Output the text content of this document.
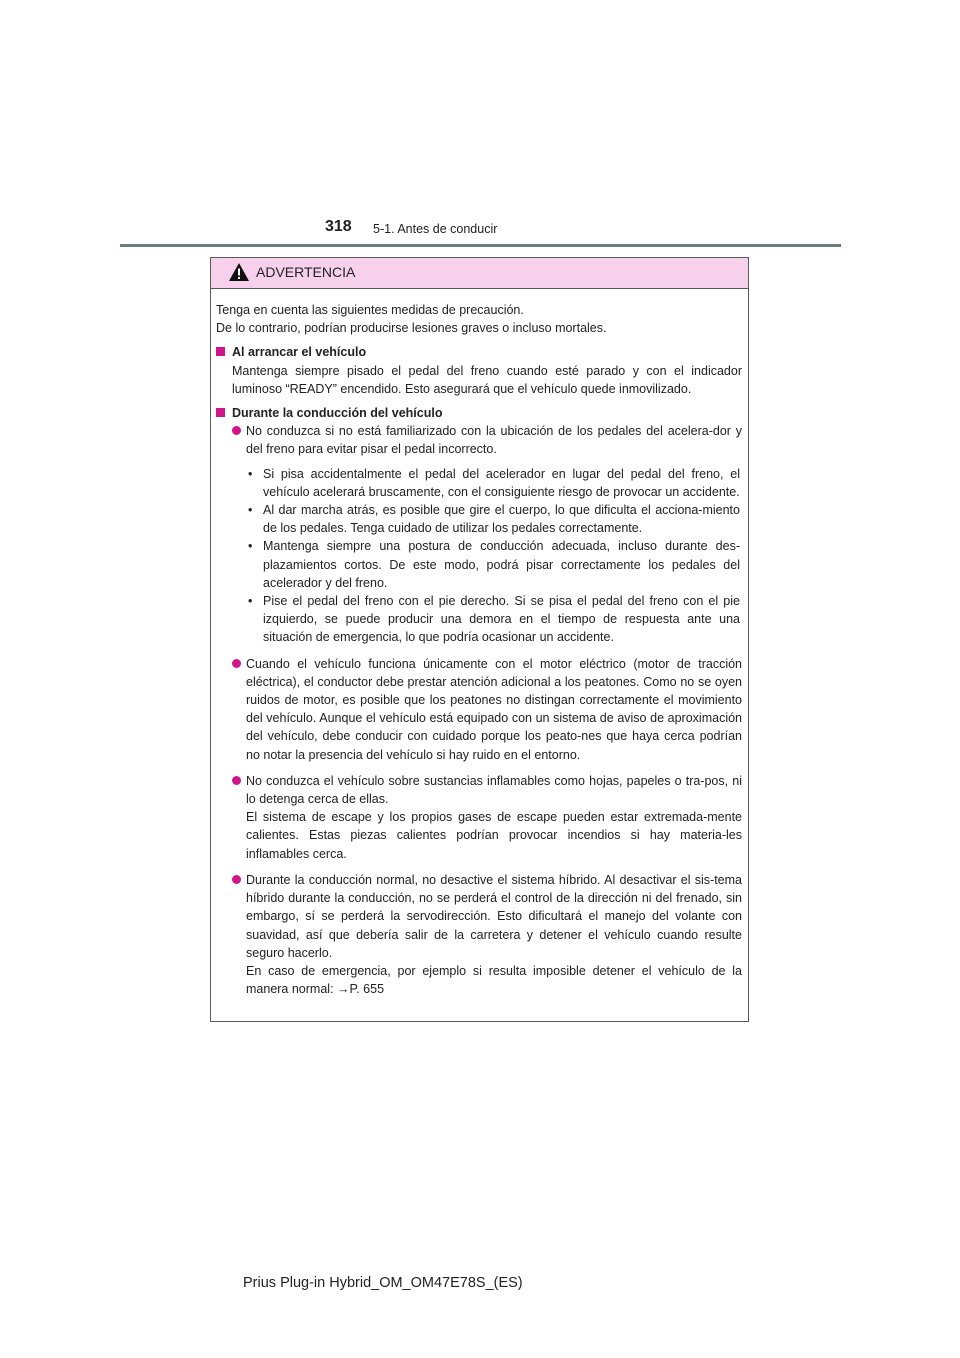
318 5-1. Antes de conducir
ADVERTENCIA

Tenga en cuenta las siguientes medidas de precaución.

De lo contrario, podrían producirse lesiones graves o incluso mortales.

Al arrancar el vehículo
Mantenga siempre pisado el pedal del freno cuando esté parado y con el indicador luminoso “READY” encendido. Esto asegurará que el vehículo quede inmovilizado.
Durante la conducción del vehículo

No conduzca si no está familiarizado con la ubicación de los pedales del acelera-dor y del freno para evitar pisar el pedal incorrecto.

• Si pisa accidentalmente el pedal del acelerador en lugar del pedal del freno, el vehículo acelerará bruscamente, con el consiguiente riesgo de provocar un accidente.
• Al dar marcha atrás, es posible que gire el cuerpo, lo que dificulta el acciona-miento de los pedales. Tenga cuidado de utilizar los pedales correctamente.
• Mantenga siempre una postura de conducción adecuada, incluso durante des-plazamientos cortos. De este modo, podrá pisar correctamente los pedales del acelerador y del freno.
• Pise el pedal del freno con el pie derecho. Si se pisa el pedal del freno con el pie izquierdo, se puede producir una demora en el tiempo de respuesta ante una situación de emergencia, lo que podría ocasionar un accidente.

Cuando el vehículo funciona únicamente con el motor eléctrico (motor de tracción eléctrica), el conductor debe prestar atención adicional a los peatones. Como no se oyen ruidos de motor, es posible que los peatones no distingan correctamente el movimiento del vehículo. Aunque el vehículo está equipado con un sistema de aviso de aproximación del vehículo, debe conducir con cuidado porque los peato-nes que haya cerca podrían no notar la presencia del vehículo si hay ruido en el entorno.

No conduzca el vehículo sobre sustancias inflamables como hojas, papeles o tra-pos, ni lo detenga cerca de ellas.

El sistema de escape y los propios gases de escape pueden estar extremada-mente calientes. Estas piezas calientes podrían provocar incendios si hay materia-les inflamables cerca.

Durante la conducción normal, no desactive el sistema híbrido. Al desactivar el sis-tema híbrido durante la conducción, no se perderá el control de la dirección ni del frenado, sin embargo, sí se perderá la servodirección. Esto dificultará el manejo del volante con suavidad, así que debería salir de la carretera y detener el vehículo cuando resulte seguro hacerlo.

En caso de emergencia, por ejemplo si resulta imposible detener el vehículo de la manera normal: →P. 655

Prius Plug-in Hybrid_OM_OM47E78S_(ES)
